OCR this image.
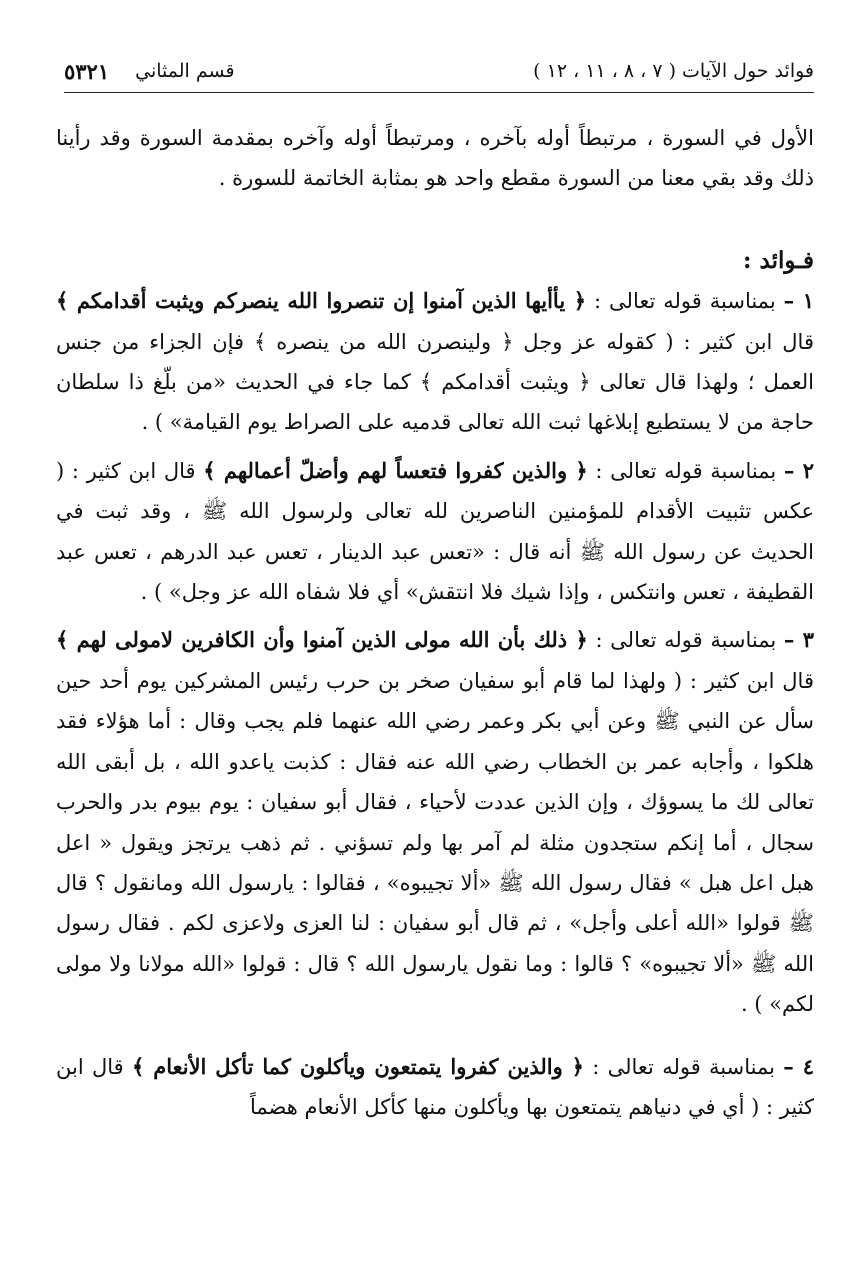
فوائد حول الآيات ( ٧ ، ٨ ، ١١ ، ١٢ )
قسم المثاني
٥٣٢١

الأول في السورة ، مرتبطاً أوله بآخره ، ومرتبطاً أوله وآخره بمقدمة السورة وقد رأينا ذلك وقد بقي معنا من السورة مقطع واحد هو بمثابة الخاتمة للسورة .

فـوائد :

١ – بمناسبة قوله تعالى : ﴿ يأأيها الذين آمنوا إن تنصروا الله ينصركم ويثبت أقدامكم ﴾ قال ابن كثير : ( كقوله عز وجل ﴿ ولينصرن الله من ينصره ﴾ فإن الجزاء من جنس العمل ؛ ولهذا قال تعالى ﴿ ويثبت أقدامكم ﴾ كما جاء في الحديث «من بلّغ ذا سلطان حاجة من لا يستطيع إبلاغها ثبت الله تعالى قدميه على الصراط يوم القيامة» ) .

٢ – بمناسبة قوله تعالى : ﴿ والذين كفروا فتعساً لهم وأضلّ أعمالهم ﴾ قال ابن كثير : ( عكس تثبيت الأقدام للمؤمنين الناصرين لله تعالى ولرسول الله ﷺ ، وقد ثبت في الحديث عن رسول الله ﷺ أنه قال : «تعس عبد الدينار ، تعس عبد الدرهم ، تعس عبد القطيفة ، تعس وانتكس ، وإذا شيك فلا انتقش» أي فلا شفاه الله عز وجل» ) .

٣ – بمناسبة قوله تعالى : ﴿ ذلك بأن الله مولى الذين آمنوا وأن الكافرين لامولى لهم ﴾ قال ابن كثير : ( ولهذا لما قام أبو سفيان صخر بن حرب رئيس المشركين يوم أحد حين سأل عن النبي ﷺ وعن أبي بكر وعمر رضي الله عنهما فلم يجب وقال : أما هؤلاء فقد هلكوا ، وأجابه عمر بن الخطاب رضي الله عنه فقال : كذبت ياعدو الله ، بل أبقى الله تعالى لك ما يسوؤك ، وإن الذين عددت لأحياء ، فقال أبو سفيان : يوم بيوم بدر والحرب سجال ، أما إنكم ستجدون مثلة لم آمر بها ولم تسؤني . ثم ذهب يرتجز ويقول « اعل هبل اعل هبل » فقال رسول الله ﷺ «ألا تجيبوه» ، فقالوا : يارسول الله ومانقول ؟ قال ﷺ قولوا «الله أعلى وأجل» ، ثم قال أبو سفيان : لنا العزى ولاعزى لكم . فقال رسول الله ﷺ «ألا تجيبوه» ؟ قالوا : وما نقول يارسول الله ؟ قال : قولوا «الله مولانا ولا مولى لكم» ) .

٤ – بمناسبة قوله تعالى : ﴿ والذين كفروا يتمتعون ويأكلون كما تأكل الأنعام ﴾ قال ابن كثير : ( أي في دنياهم يتمتعون بها ويأكلون منها كأكل الأنعام هضماً
